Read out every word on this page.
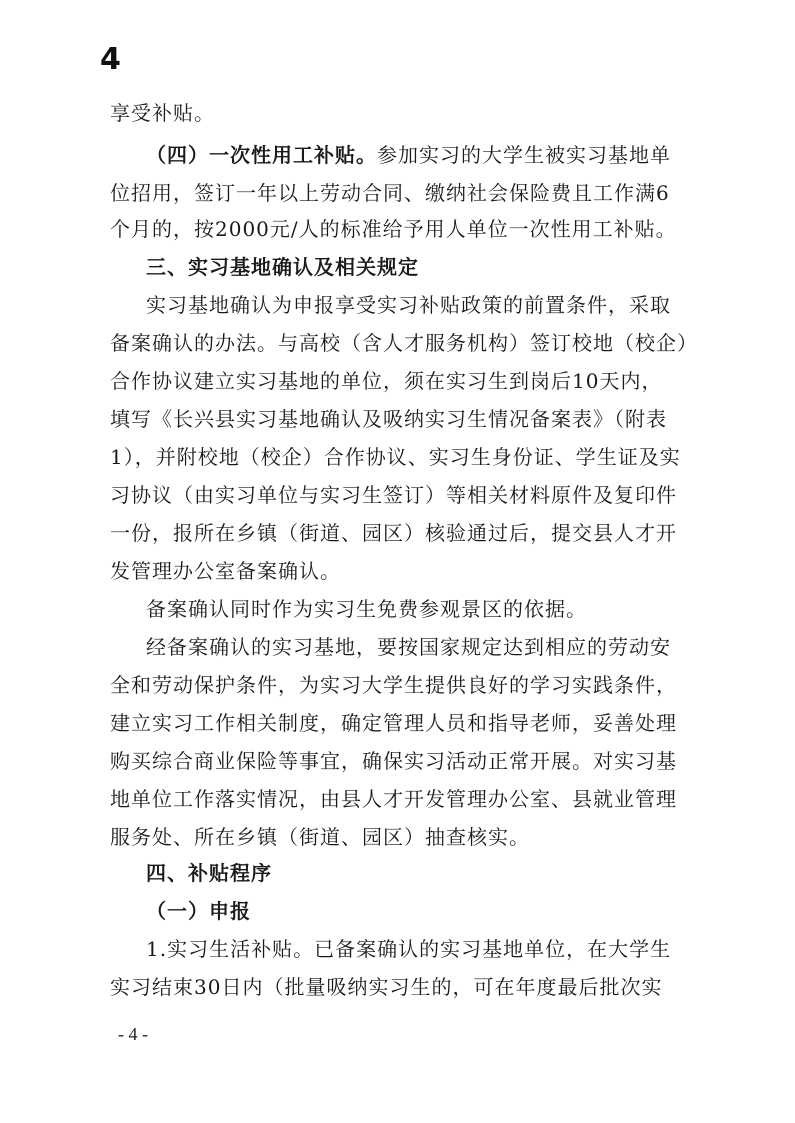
4
享受补贴。
（四）一次性用工补贴。参加实习的大学生被实习基地单
位招用，签订一年以上劳动合同、缴纳社会保险费且工作满6
个月的，按2000元/人的标准给予用人单位一次性用工补贴。
三、实习基地确认及相关规定
实习基地确认为申报享受实习补贴政策的前置条件，采取
备案确认的办法。与高校（含人才服务机构）签订校地（校企）
合作协议建立实习基地的单位，须在实习生到岗后10天内，
填写《长兴县实习基地确认及吸纳实习生情况备案表》（附表
1），并附校地（校企）合作协议、实习生身份证、学生证及实
习协议（由实习单位与实习生签订）等相关材料原件及复印件
一份，报所在乡镇（街道、园区）核验通过后，提交县人才开
发管理办公室备案确认。
备案确认同时作为实习生免费参观景区的依据。
经备案确认的实习基地，要按国家规定达到相应的劳动安
全和劳动保护条件，为实习大学生提供良好的学习实践条件，
建立实习工作相关制度，确定管理人员和指导老师，妥善处理
购买综合商业保险等事宜，确保实习活动正常开展。对实习基
地单位工作落实情况，由县人才开发管理办公室、县就业管理
服务处、所在乡镇（街道、园区）抽查核实。
四、补贴程序
（一）申报
1.实习生活补贴。已备案确认的实习基地单位，在大学生
实习结束30日内（批量吸纳实习生的，可在年度最后批次实
- 4 -
